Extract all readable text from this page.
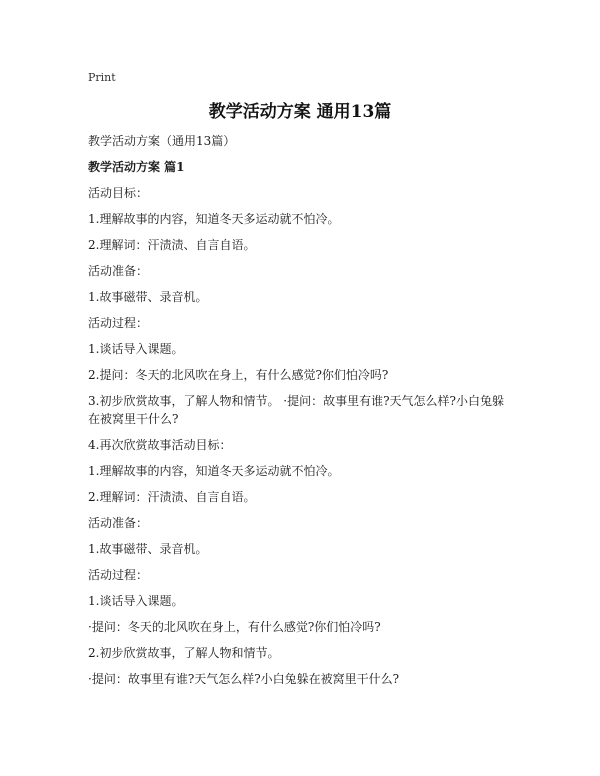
Print
教学活动方案 通用13篇

教学活动方案（通用13篇）

教学活动方案 篇1

活动目标：

1.理解故事的内容，知道冬天多运动就不怕冷。

2.理解词：汗渍渍、自言自语。

活动准备：

1.故事磁带、录音机。

活动过程：

1.谈话导入课题。

2.提问：冬天的北风吹在身上，有什么感觉?你们怕冷吗?

3.初步欣赏故事，了解人物和情节。 ·提问：故事里有谁?天气怎么样?小白兔躲在被窝里干什么?

4.再次欣赏故事活动目标：

1.理解故事的内容，知道冬天多运动就不怕冷。

2.理解词：汗渍渍、自言自语。

活动准备：

1.故事磁带、录音机。

活动过程：

1.谈话导入课题。

·提问：冬天的北风吹在身上，有什么感觉?你们怕冷吗?

2.初步欣赏故事，了解人物和情节。

·提问：故事里有谁?天气怎么样?小白兔躲在被窝里干什么?
